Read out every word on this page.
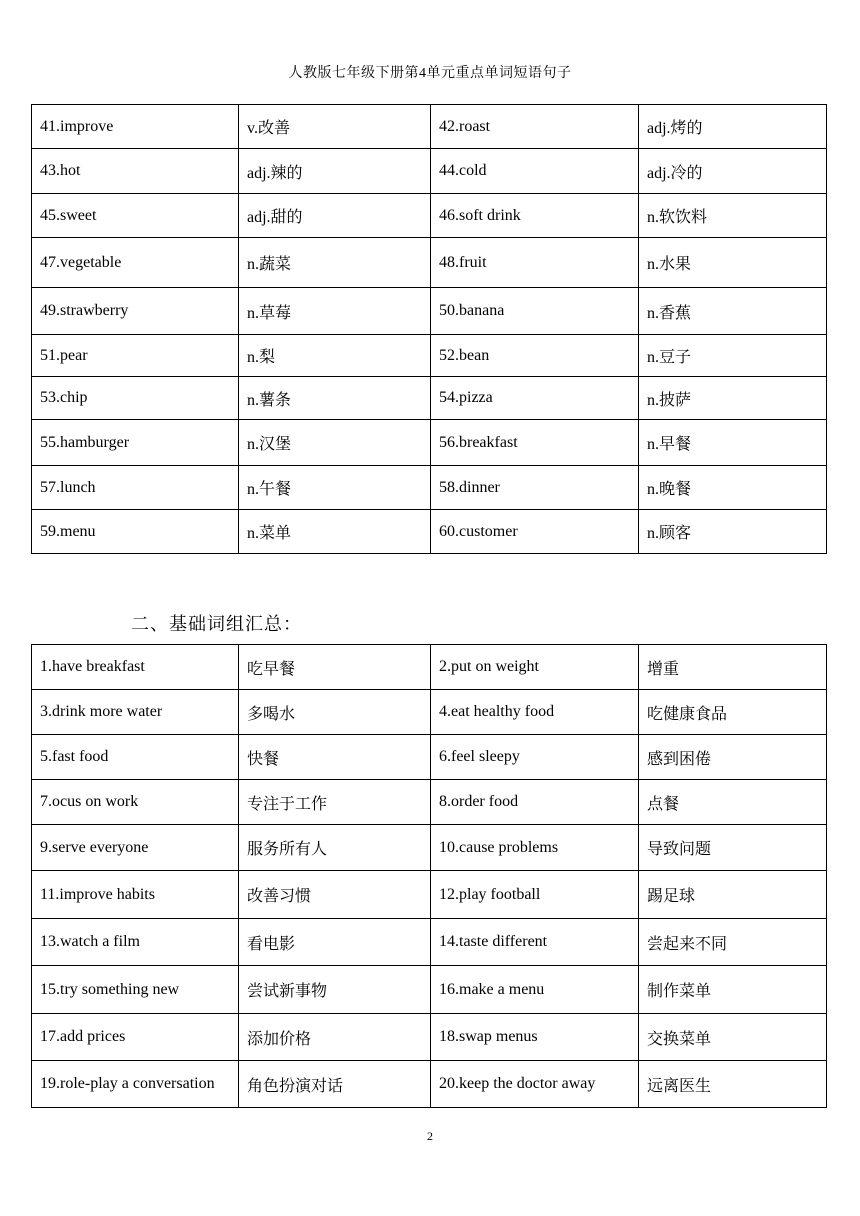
人教版七年级下册第4单元重点单词短语句子
41.improve	v.改善	42.roast	adj.烤的
43.hot	adj.辣的	44.cold	adj.冷的
45.sweet	adj.甜的	46.soft drink	n.软饮料
47.vegetable	n.蔬菜	48.fruit	n.水果
49.strawberry	n.草莓	50.banana	n.香蕉
51.pear	n.梨	52.bean	n.豆子
53.chip	n.薯条	54.pizza	n.披萨
55.hamburger	n.汉堡	56.breakfast	n.早餐
57.lunch	n.午餐	58.dinner	n.晚餐
59.menu	n.菜单	60.customer	n.顾客
二、基础词组汇总：
1.have breakfast	吃早餐	2.put on weight	增重
3.drink more water	多喝水	4.eat healthy food	吃健康食品
5.fast food	快餐	6.feel sleepy	感到困倦
7.ocus on work	专注于工作	8.order food	点餐
9.serve everyone	服务所有人	10.cause problems	导致问题
11.improve habits	改善习惯	12.play football	踢足球
13.watch a film	看电影	14.taste different	尝起来不同
15.try something new	尝试新事物	16.make a menu	制作菜单
17.add prices	添加价格	18.swap menus	交换菜单
19.role-play a conversation	角色扮演对话	20.keep the doctor away	远离医生
2
